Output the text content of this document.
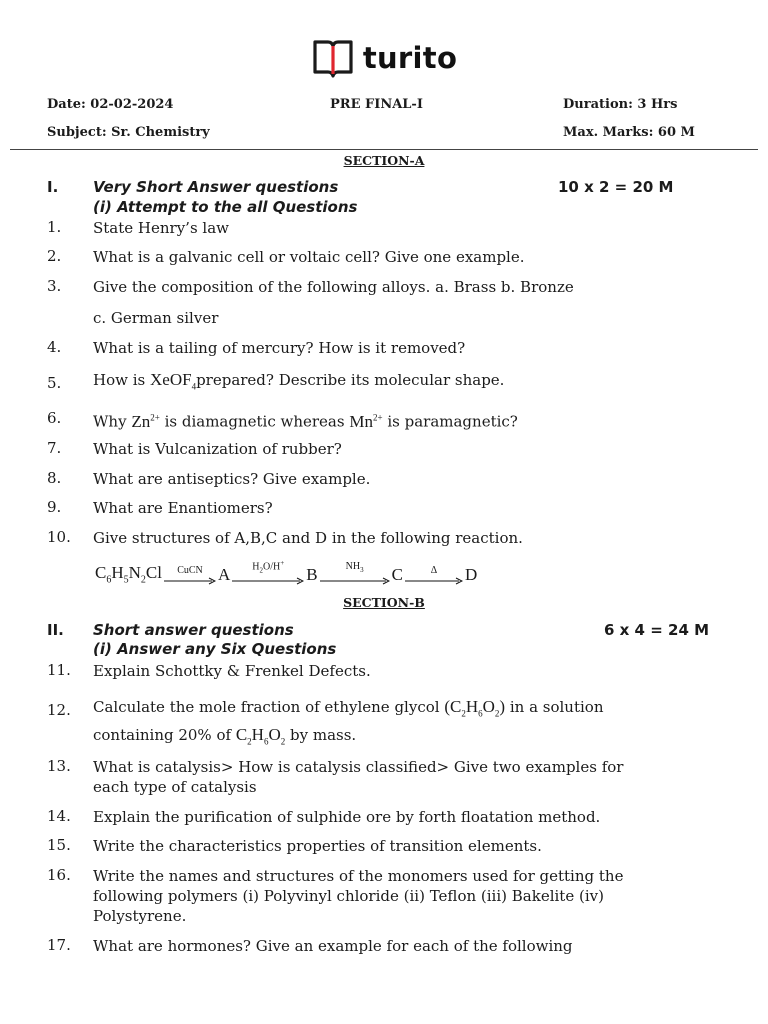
turito
Date: 02-02-2024	PRE FINAL-I	Duration: 3 Hrs
Subject: Sr. Chemistry	Max. Marks: 60 M
SECTION-A
I. Very Short Answer questions	10 x 2 = 20 M
(i) Attempt to the all Questions
1. State Henry’s law
2. What is a galvanic cell or voltaic cell? Give one example.
3. Give the composition of the following alloys. a. Brass b. Bronze
c. German silver
4. What is a tailing of mercury? How is it removed?
5. How is XeOF$_4$prepared? Describe its molecular shape.
6. Why $Zn^{2+}$ is diamagnetic whereas $Mn^{2+}$ is paramagnetic?
7. What is Vulcanization of rubber?
8. What are antiseptics? Give example.
9. What are Enantiomers?
10. Give structures of A,B,C and D in the following reaction.
$C_6H_5N_2Cl$ CuCN A $H_2O/H^+$
B	$NH_3$ C	Δ D
SECTION-B
II. Short answer questions	6 x 4 = 24 M
(i) Answer any Six Questions
11. Explain Schottky & Frenkel Defects.
12. Calculate the mole fraction of ethylene glycol $(C_2H_6O_2)$ in a solution
containing 20% of $C_2H_6O_2$ by mass.
13. What is catalysis> How is catalysis classified> Give two examples for
each type of catalysis
14. Explain the purification of sulphide ore by forth floatation method.
15. Write the characteristics properties of transition elements.
16. Write the names and structures of the monomers used for getting the
following polymers (i) Polyvinyl chloride (ii) Teflon (iii) Bakelite (iv)
Polystyrene.
17. What are hormones? Give an example for each of the following
